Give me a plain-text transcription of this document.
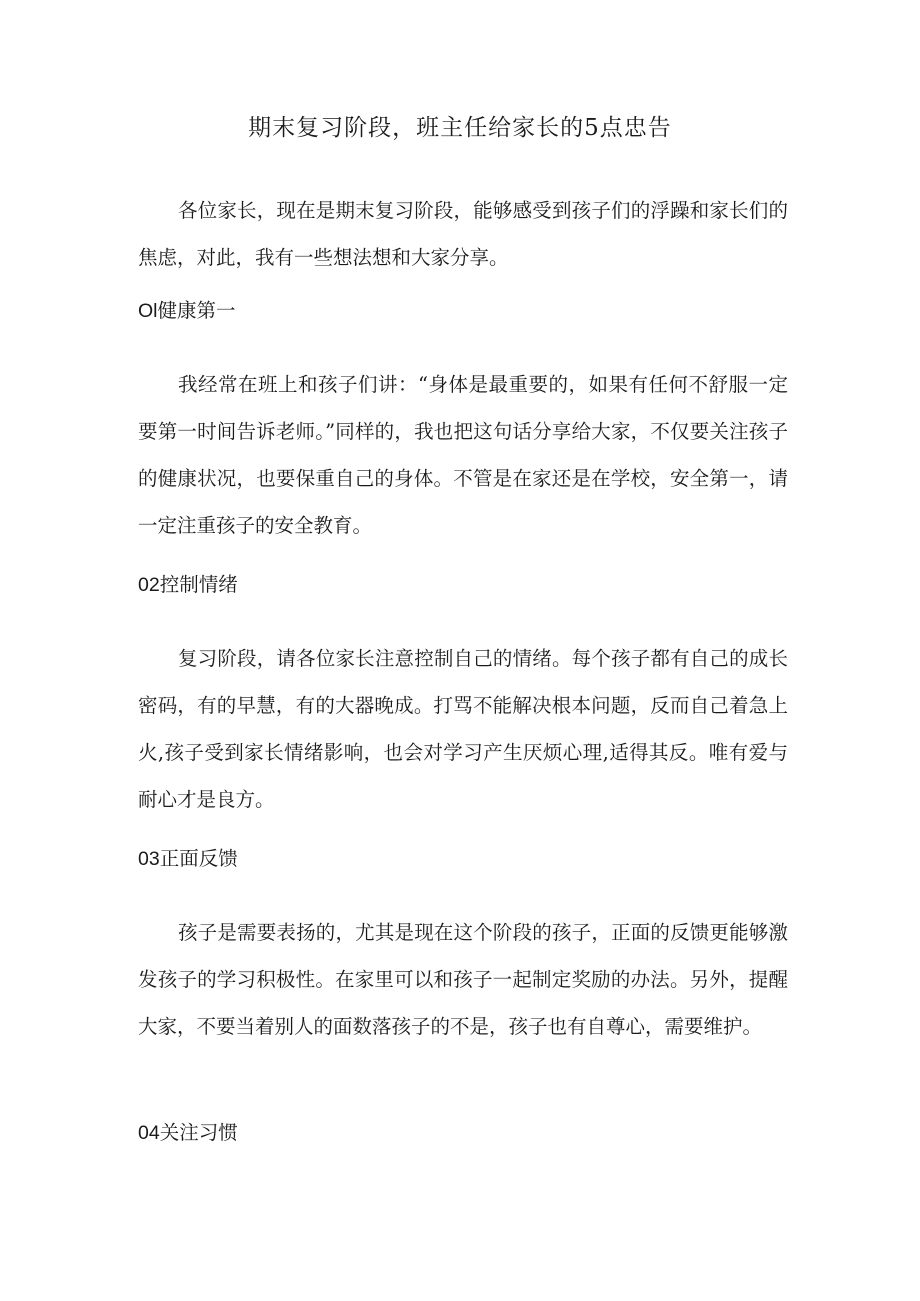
期末复习阶段，班主任给家长的5点忠告

各位家长，现在是期末复习阶段，能够感受到孩子们的浮躁和家长们的焦虑，对此，我有一些想法想和大家分享。

Ol健康第一

我经常在班上和孩子们讲：“身体是最重要的，如果有任何不舒服一定要第一时间告诉老师。”同样的，我也把这句话分享给大家，不仅要关注孩子的健康状况，也要保重自己的身体。不管是在家还是在学校，安全第一，请一定注重孩子的安全教育。

02控制情绪

复习阶段，请各位家长注意控制自己的情绪。每个孩子都有自己的成长密码，有的早慧，有的大器晚成。打骂不能解决根本问题，反而自己着急上火,孩子受到家长情绪影响，也会对学习产生厌烦心理,适得其反。唯有爱与耐心才是良方。

03正面反馈

孩子是需要表扬的，尤其是现在这个阶段的孩子，正面的反馈更能够激发孩子的学习积极性。在家里可以和孩子一起制定奖励的办法。另外，提醒大家，不要当着别人的面数落孩子的不是，孩子也有自尊心，需要维护。

04关注习惯
